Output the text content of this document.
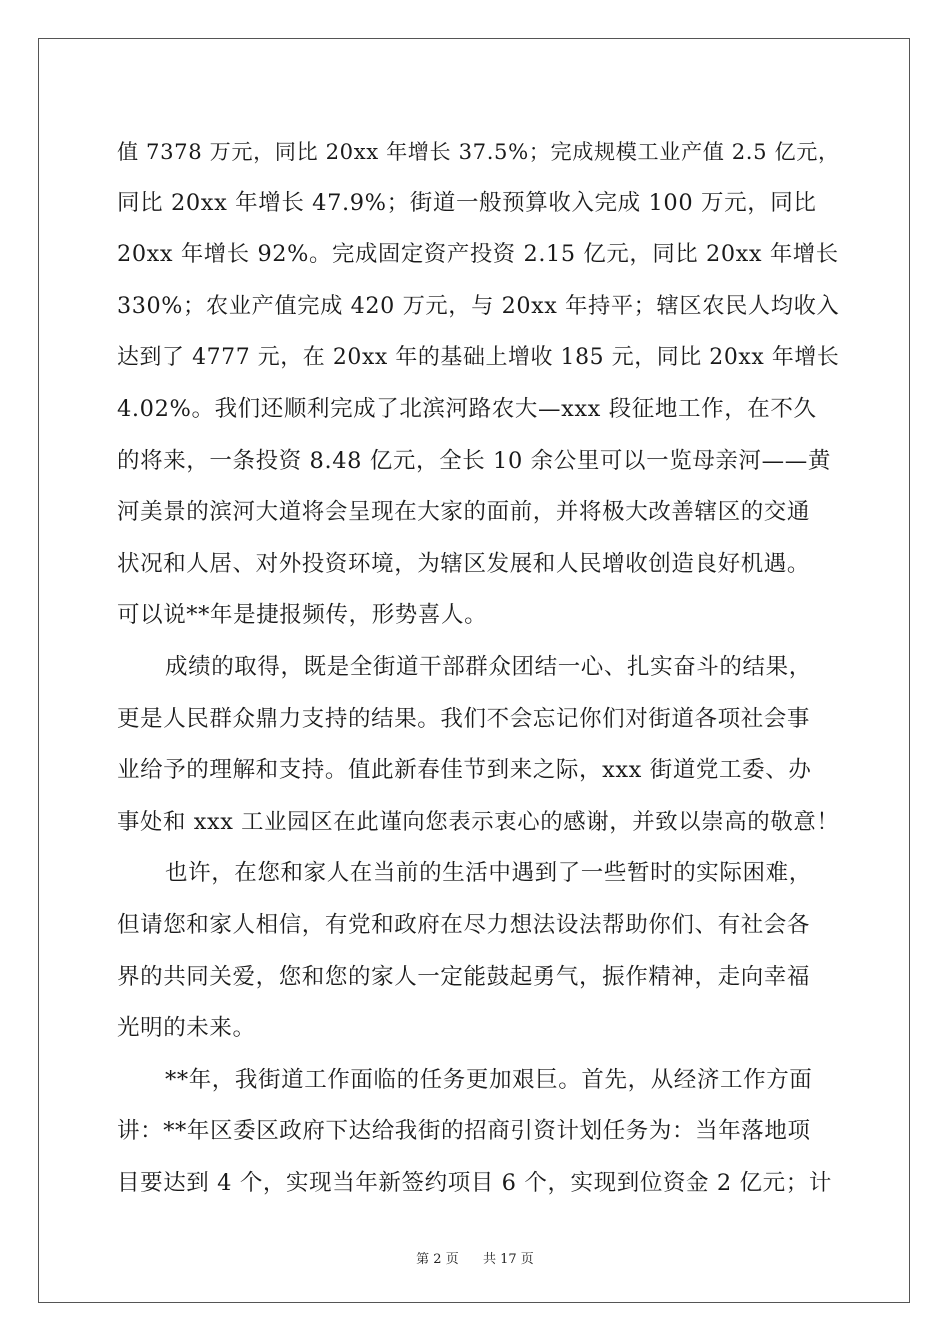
值 7378 万元，同比 20xx 年增长 37.5%；完成规模工业产值 2.5 亿元，
同比 20xx 年增长 47.9%；街道一般预算收入完成 100 万元，同比
20xx 年增长 92%。完成固定资产投资 2.15 亿元，同比 20xx 年增长
330%；农业产值完成 420 万元，与 20xx 年持平；辖区农民人均收入
达到了 4777 元，在 20xx 年的基础上增收 185 元，同比 20xx 年增长
4.02%。我们还顺利完成了北滨河路农大—xxx 段征地工作，在不久
的将来，一条投资 8.48 亿元，全长 10 余公里可以一览母亲河——黄
河美景的滨河大道将会呈现在大家的面前，并将极大改善辖区的交通
状况和人居、对外投资环境，为辖区发展和人民增收创造良好机遇。
可以说**年是捷报频传，形势喜人。

成绩的取得，既是全街道干部群众团结一心、扎实奋斗的结果，
更是人民群众鼎力支持的结果。我们不会忘记你们对街道各项社会事
业给予的理解和支持。值此新春佳节到来之际，xxx 街道党工委、办
事处和 xxx 工业园区在此谨向您表示衷心的感谢，并致以崇高的敬意！

也许，在您和家人在当前的生活中遇到了一些暂时的实际困难，
但请您和家人相信，有党和政府在尽力想法设法帮助你们、有社会各
界的共同关爱，您和您的家人一定能鼓起勇气，振作精神，走向幸福
光明的未来。

**年，我街道工作面临的任务更加艰巨。首先，从经济工作方面
讲：**年区委区政府下达给我街的招商引资计划任务为：当年落地项
目要达到 4 个，实现当年新签约项目 6 个，实现到位资金 2 亿元；计

第 2 页 共 17 页
